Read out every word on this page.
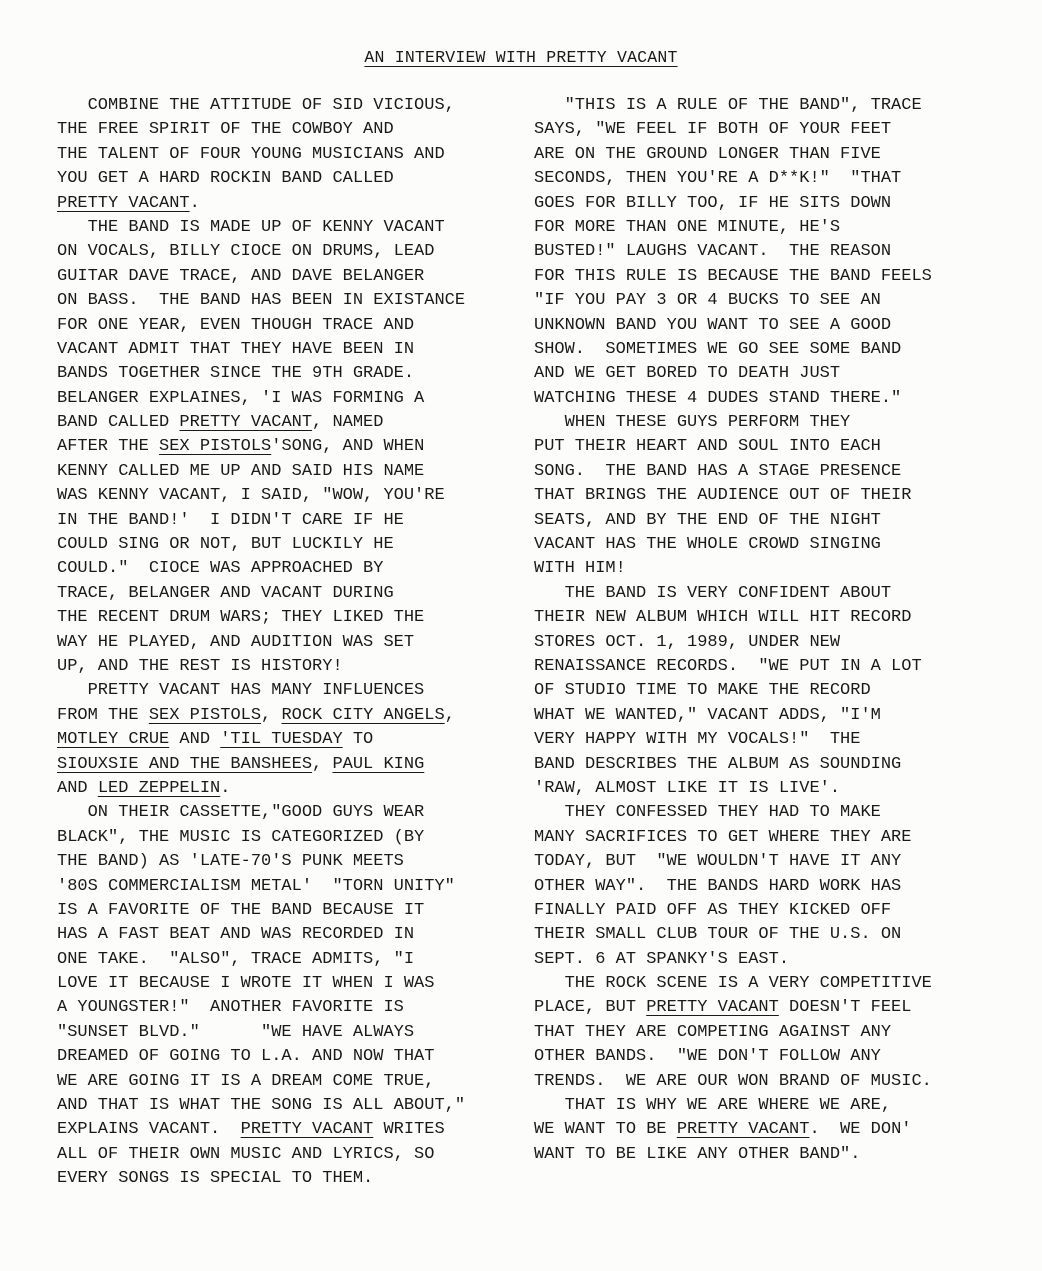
AN INTERVIEW WITH PRETTY VACANT
COMBINE THE ATTITUDE OF SID VICIOUS,
THE FREE SPIRIT OF THE COWBOY AND
THE TALENT OF FOUR YOUNG MUSICIANS AND
YOU GET A HARD ROCKIN BAND CALLED
PRETTY VACANT.
THE BAND IS MADE UP OF KENNY VACANT
ON VOCALS, BILLY CIOCE ON DRUMS, LEAD
GUITAR DAVE TRACE, AND DAVE BELANGER
ON BASS.  THE BAND HAS BEEN IN EXISTANCE
FOR ONE YEAR, EVEN THOUGH TRACE AND
VACANT ADMIT THAT THEY HAVE BEEN IN
BANDS TOGETHER SINCE THE 9TH GRADE.
BELANGER EXPLAINES, 'I WAS FORMING A
BAND CALLED PRETTY VACANT, NAMED
AFTER THE SEX PISTOLS'SONG, AND WHEN
KENNY CALLED ME UP AND SAID HIS NAME
WAS KENNY VACANT, I SAID, "WOW, YOU'RE
IN THE BAND!'  I DIDN'T CARE IF HE
COULD SING OR NOT, BUT LUCKILY HE
COULD."  CIOCE WAS APPROACHED BY
TRACE, BELANGER AND VACANT DURING
THE RECENT DRUM WARS; THEY LIKED THE
WAY HE PLAYED, AND AUDITION WAS SET
UP, AND THE REST IS HISTORY!
PRETTY VACANT HAS MANY INFLUENCES
FROM THE SEX PISTOLS, ROCK CITY ANGELS,
MOTLEY CRUE AND 'TIL TUESDAY TO
SIOUXSIE AND THE BANSHEES, PAUL KING
AND LED ZEPPELIN.
ON THEIR CASSETTE,"GOOD GUYS WEAR
BLACK", THE MUSIC IS CATEGORIZED (BY
THE BAND) AS 'LATE-70'S PUNK MEETS
'80S COMMERCIALISM METAL'  "TORN UNITY"
IS A FAVORITE OF THE BAND BECAUSE IT
HAS A FAST BEAT AND WAS RECORDED IN
ONE TAKE.  "ALSO", TRACE ADMITS, "I
LOVE IT BECAUSE I WROTE IT WHEN I WAS
A YOUNGSTER!"  ANOTHER FAVORITE IS
"SUNSET BLVD."      "WE HAVE ALWAYS
DREAMED OF GOING TO L.A. AND NOW THAT
WE ARE GOING IT IS A DREAM COME TRUE,
AND THAT IS WHAT THE SONG IS ALL ABOUT,"
EXPLAINS VACANT.  PRETTY VACANT WRITES
ALL OF THEIR OWN MUSIC AND LYRICS, SO
EVERY SONGS IS SPECIAL TO THEM.
"THIS IS A RULE OF THE BAND", TRACE
SAYS, "WE FEEL IF BOTH OF YOUR FEET
ARE ON THE GROUND LONGER THAN FIVE
SECONDS, THEN YOU'RE A D**K!"  "THAT
GOES FOR BILLY TOO, IF HE SITS DOWN
FOR MORE THAN ONE MINUTE, HE'S
BUSTED!" LAUGHS VACANT.  THE REASON
FOR THIS RULE IS BECAUSE THE BAND FEELS
"IF YOU PAY 3 OR 4 BUCKS TO SEE AN
UNKNOWN BAND YOU WANT TO SEE A GOOD
SHOW.  SOMETIMES WE GO SEE SOME BAND
AND WE GET BORED TO DEATH JUST
WATCHING THESE 4 DUDES STAND THERE."
WHEN THESE GUYS PERFORM THEY
PUT THEIR HEART AND SOUL INTO EACH
SONG.  THE BAND HAS A STAGE PRESENCE
THAT BRINGS THE AUDIENCE OUT OF THEIR
SEATS, AND BY THE END OF THE NIGHT
VACANT HAS THE WHOLE CROWD SINGING
WITH HIM!
THE BAND IS VERY CONFIDENT ABOUT
THEIR NEW ALBUM WHICH WILL HIT RECORD
STORES OCT. 1, 1989, UNDER NEW
RENAISSANCE RECORDS.  "WE PUT IN A LOT
OF STUDIO TIME TO MAKE THE RECORD
WHAT WE WANTED," VACANT ADDS, "I'M
VERY HAPPY WITH MY VOCALS!"  THE
BAND DESCRIBES THE ALBUM AS SOUNDING
'RAW, ALMOST LIKE IT IS LIVE'.
THEY CONFESSED THEY HAD TO MAKE
MANY SACRIFICES TO GET WHERE THEY ARE
TODAY, BUT  "WE WOULDN'T HAVE IT ANY
OTHER WAY".  THE BANDS HARD WORK HAS
FINALLY PAID OFF AS THEY KICKED OFF
THEIR SMALL CLUB TOUR OF THE U.S. ON
SEPT. 6 AT SPANKY'S EAST.
THE ROCK SCENE IS A VERY COMPETITIVE
PLACE, BUT PRETTY VACANT DOESN'T FEEL
THAT THEY ARE COMPETING AGAINST ANY
OTHER BANDS.  "WE DON'T FOLLOW ANY
TRENDS.  WE ARE OUR WON BRAND OF MUSIC.
THAT IS WHY WE ARE WHERE WE ARE,
WE WANT TO BE PRETTY VACANT.  WE DON'
WANT TO BE LIKE ANY OTHER BAND".
